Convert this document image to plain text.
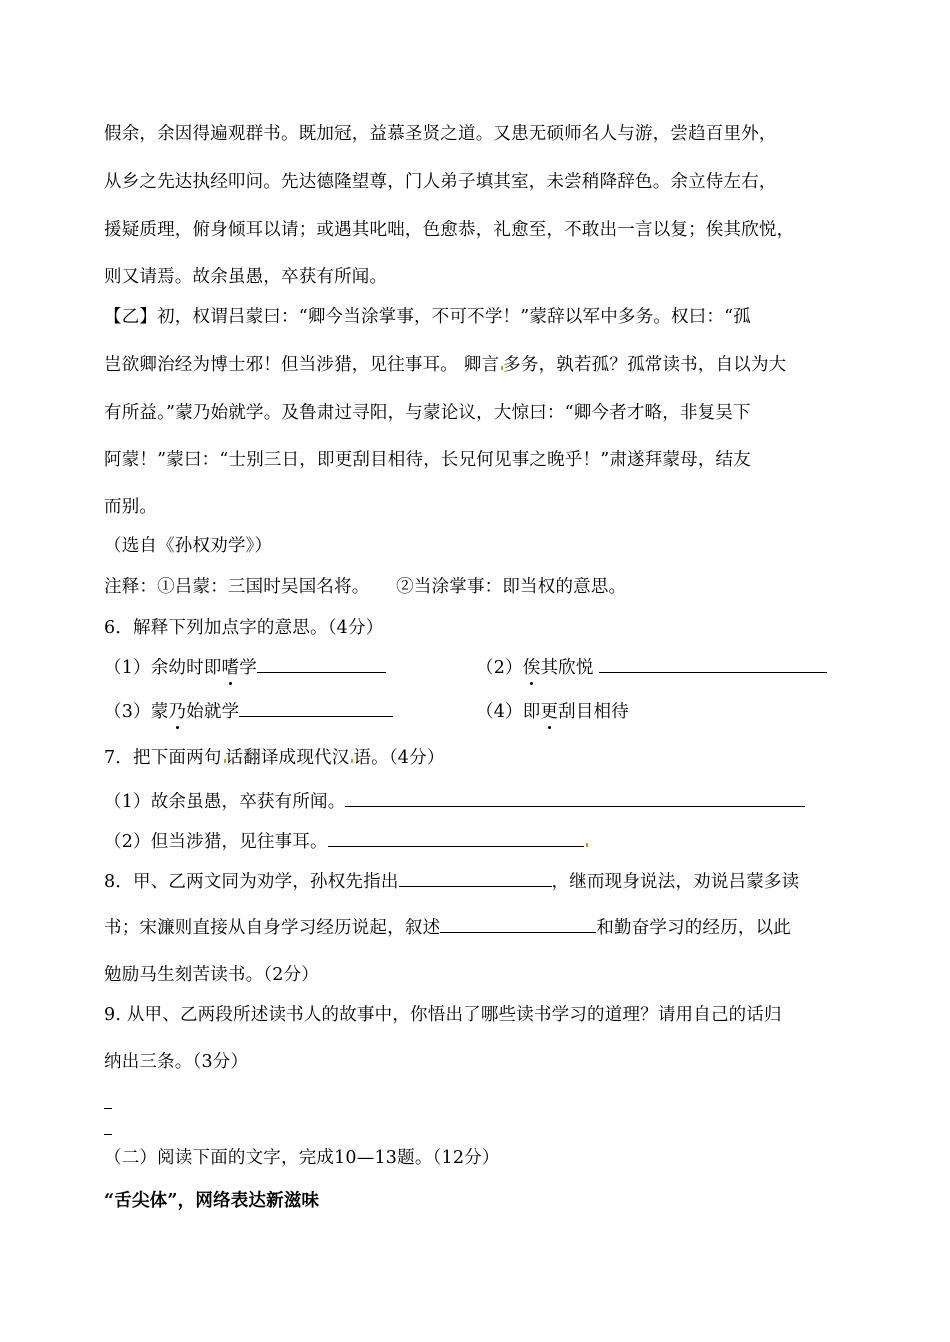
假余，余因得遍观群书。既加冠，益慕圣贤之道。又患无硕师名人与游，尝趋百里外，
从乡之先达执经叩问。先达德隆望尊，门人弟子填其室，未尝稍降辞色。余立侍左右，
援疑质理，俯身倾耳以请；或遇其叱咄，色愈恭，礼愈至，不敢出一言以复；俟其欣悦，
则又请焉。故余虽愚，卒获有所闻。
【乙】初，权谓吕蒙曰：“卿今当涂掌事，不可不学！”蒙辞以军中多务。权曰：“孤
岂欲卿治经为博士邪！但当涉猎，见往事耳。 卿言 多务，孰若孤？孤常读书，自以为大
有所益。”蒙乃始就学。及鲁肃过寻阳，与蒙论议，大惊曰：“卿今者才略，非复吴下
阿蒙！”蒙曰：“士别三日，即更刮目相待，长兄何见事之晚乎！”肃遂拜蒙母，结友
而别。
（选自《孙权劝学》）
注释：①吕蒙：三国时吴国名将。　　②当涂掌事：即当权的意思。
6．解释下列加点字的意思。（4分）
（1）余幼时即嗜学	（2）俟其欣悦
（3）蒙乃始就学	（4）即更刮目相待
7．把下面两句 话翻译成现代汉 语。（4分）
（1）故余虽愚，卒获有所闻。
（2）但当涉猎，见往事耳。
8．甲、乙两文同为劝学，孙权先指出	，继而现身说法，劝说吕蒙多读
书；宋濂则直接从自身学习经历说起，叙述	和勤奋学习的经历，以此
勉励马生刻苦读书。（2分）
9. 从甲、乙两段所述读书人的故事中，你悟出了哪些读书学习的道理？请用自己的话归
纳出三条。（3分）
（二）阅读下面的文字，完成10—13题。（12分）
“舌尖体”，网络表达新滋味
